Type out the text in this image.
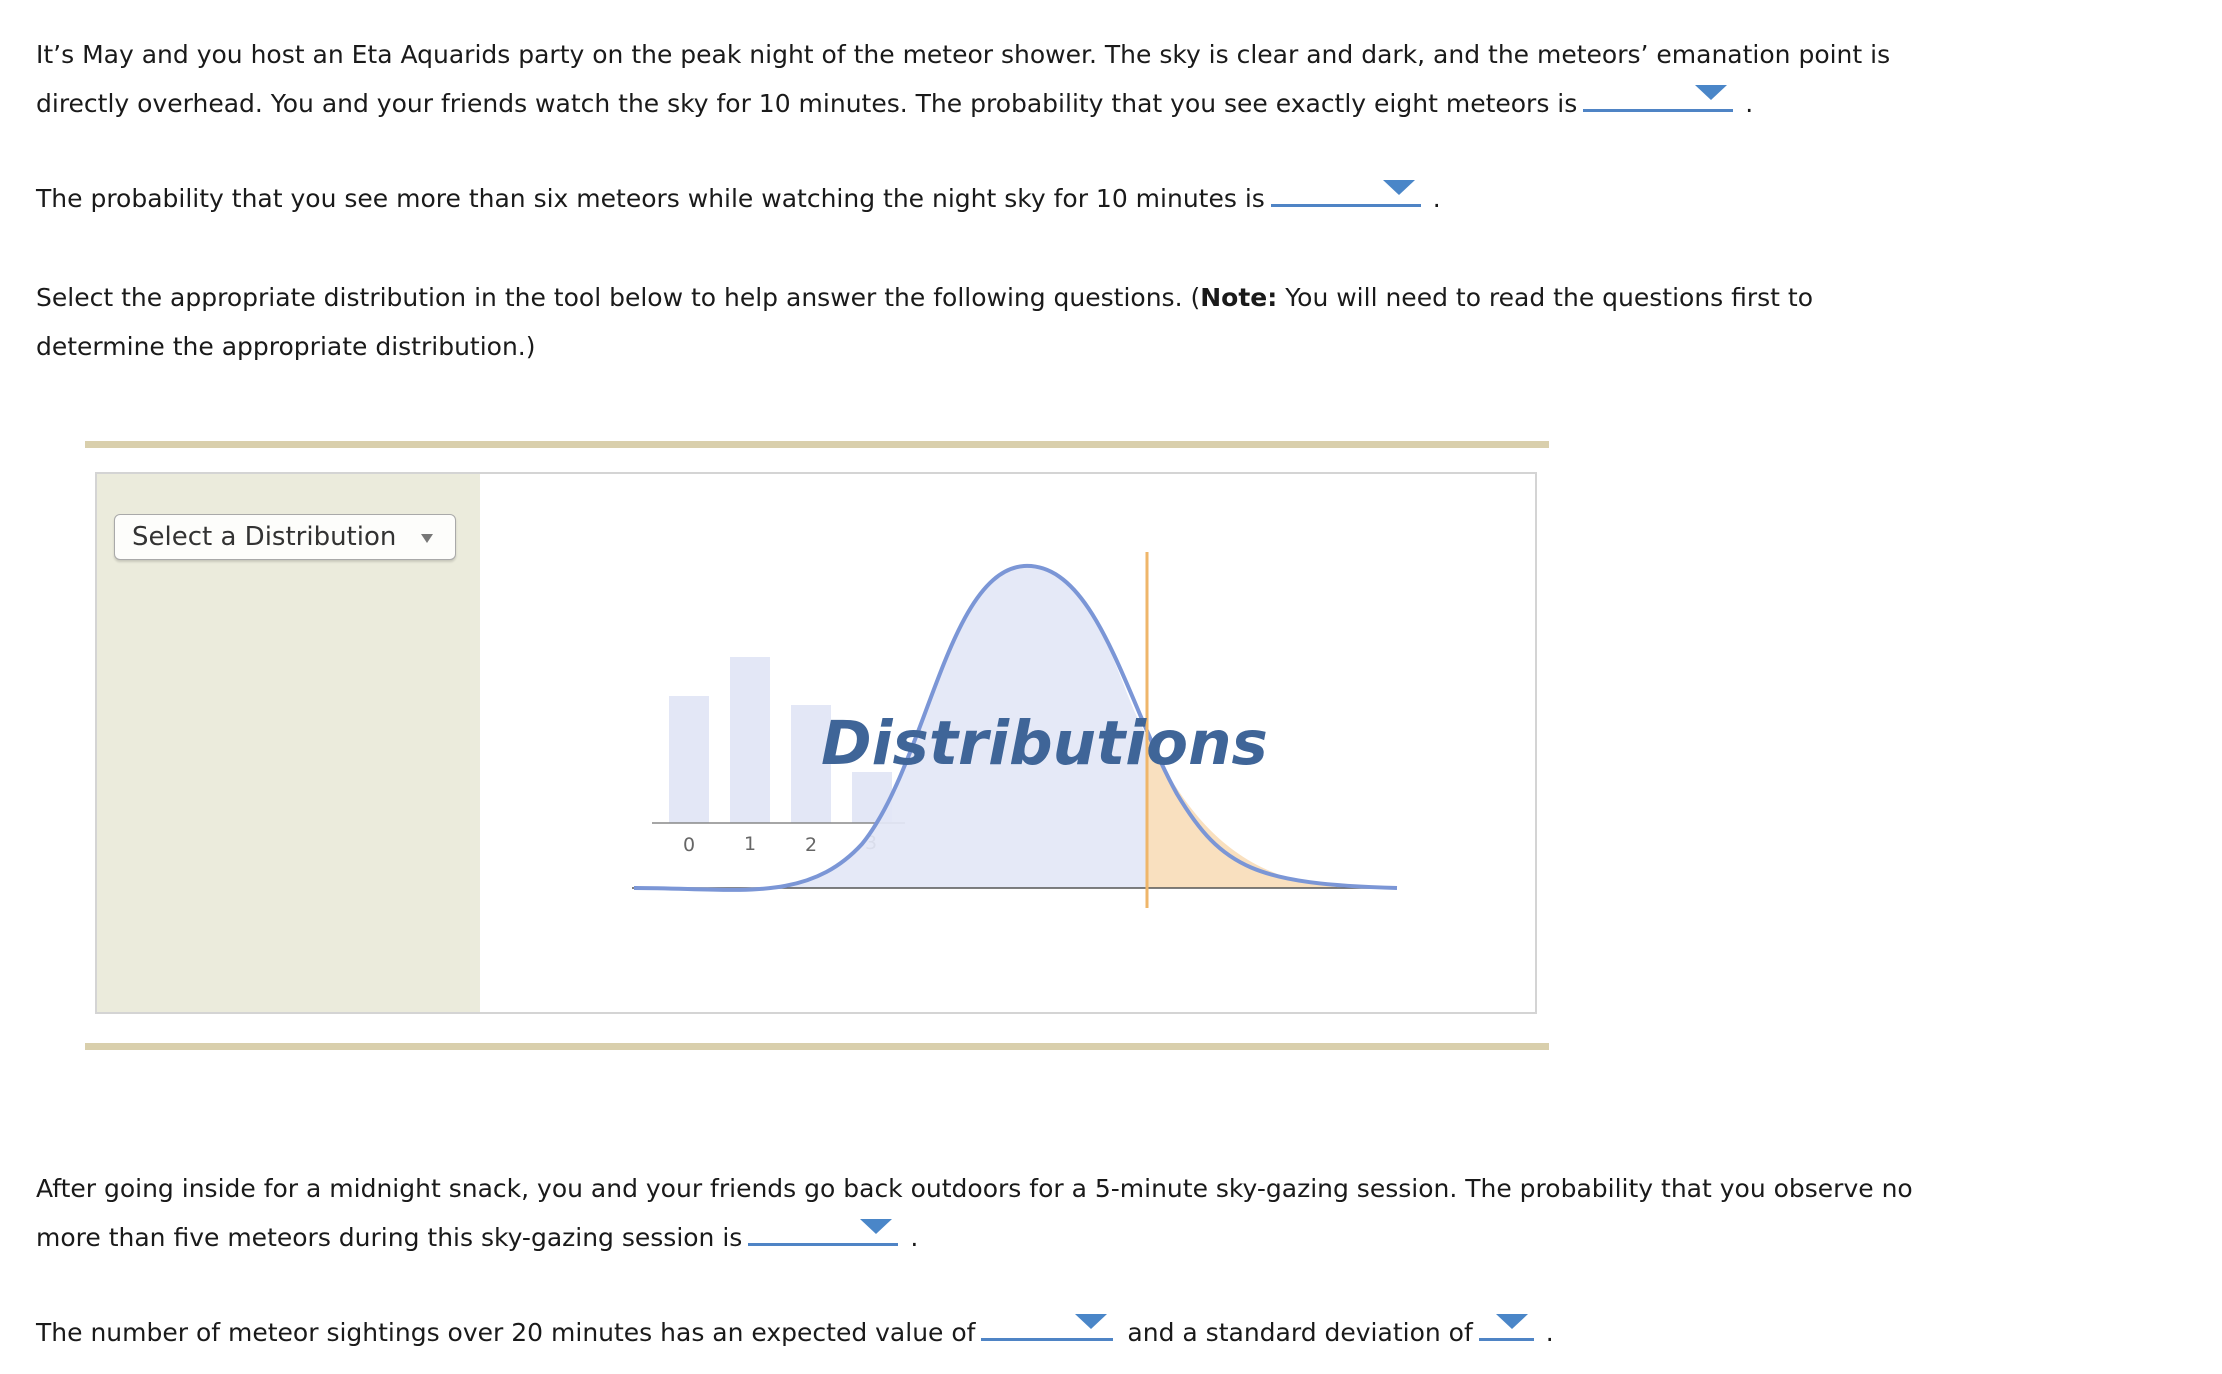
It’s May and you host an Eta Aquarids party on the peak night of the meteor shower. The sky is clear and dark, and the meteors’ emanation point is
directly overhead. You and your friends watch the sky for 10 minutes. The probability that you see exactly eight meteors is	.
The probability that you see more than six meteors while watching the night sky for 10 minutes is	.
Select the appropriate distribution in the tool below to help answer the following questions. (Note: You will need to read the questions first to
determine the appropriate distribution.)
Select a Distribution
0	1	2
Distributions
After going inside for a midnight snack, you and your friends go back outdoors for a 5-minute sky-gazing session. The probability that you observe no
more than five meteors during this sky-gazing session is	.
The number of meteor sightings over 20 minutes has an expected value of	and a standard deviation of	.
